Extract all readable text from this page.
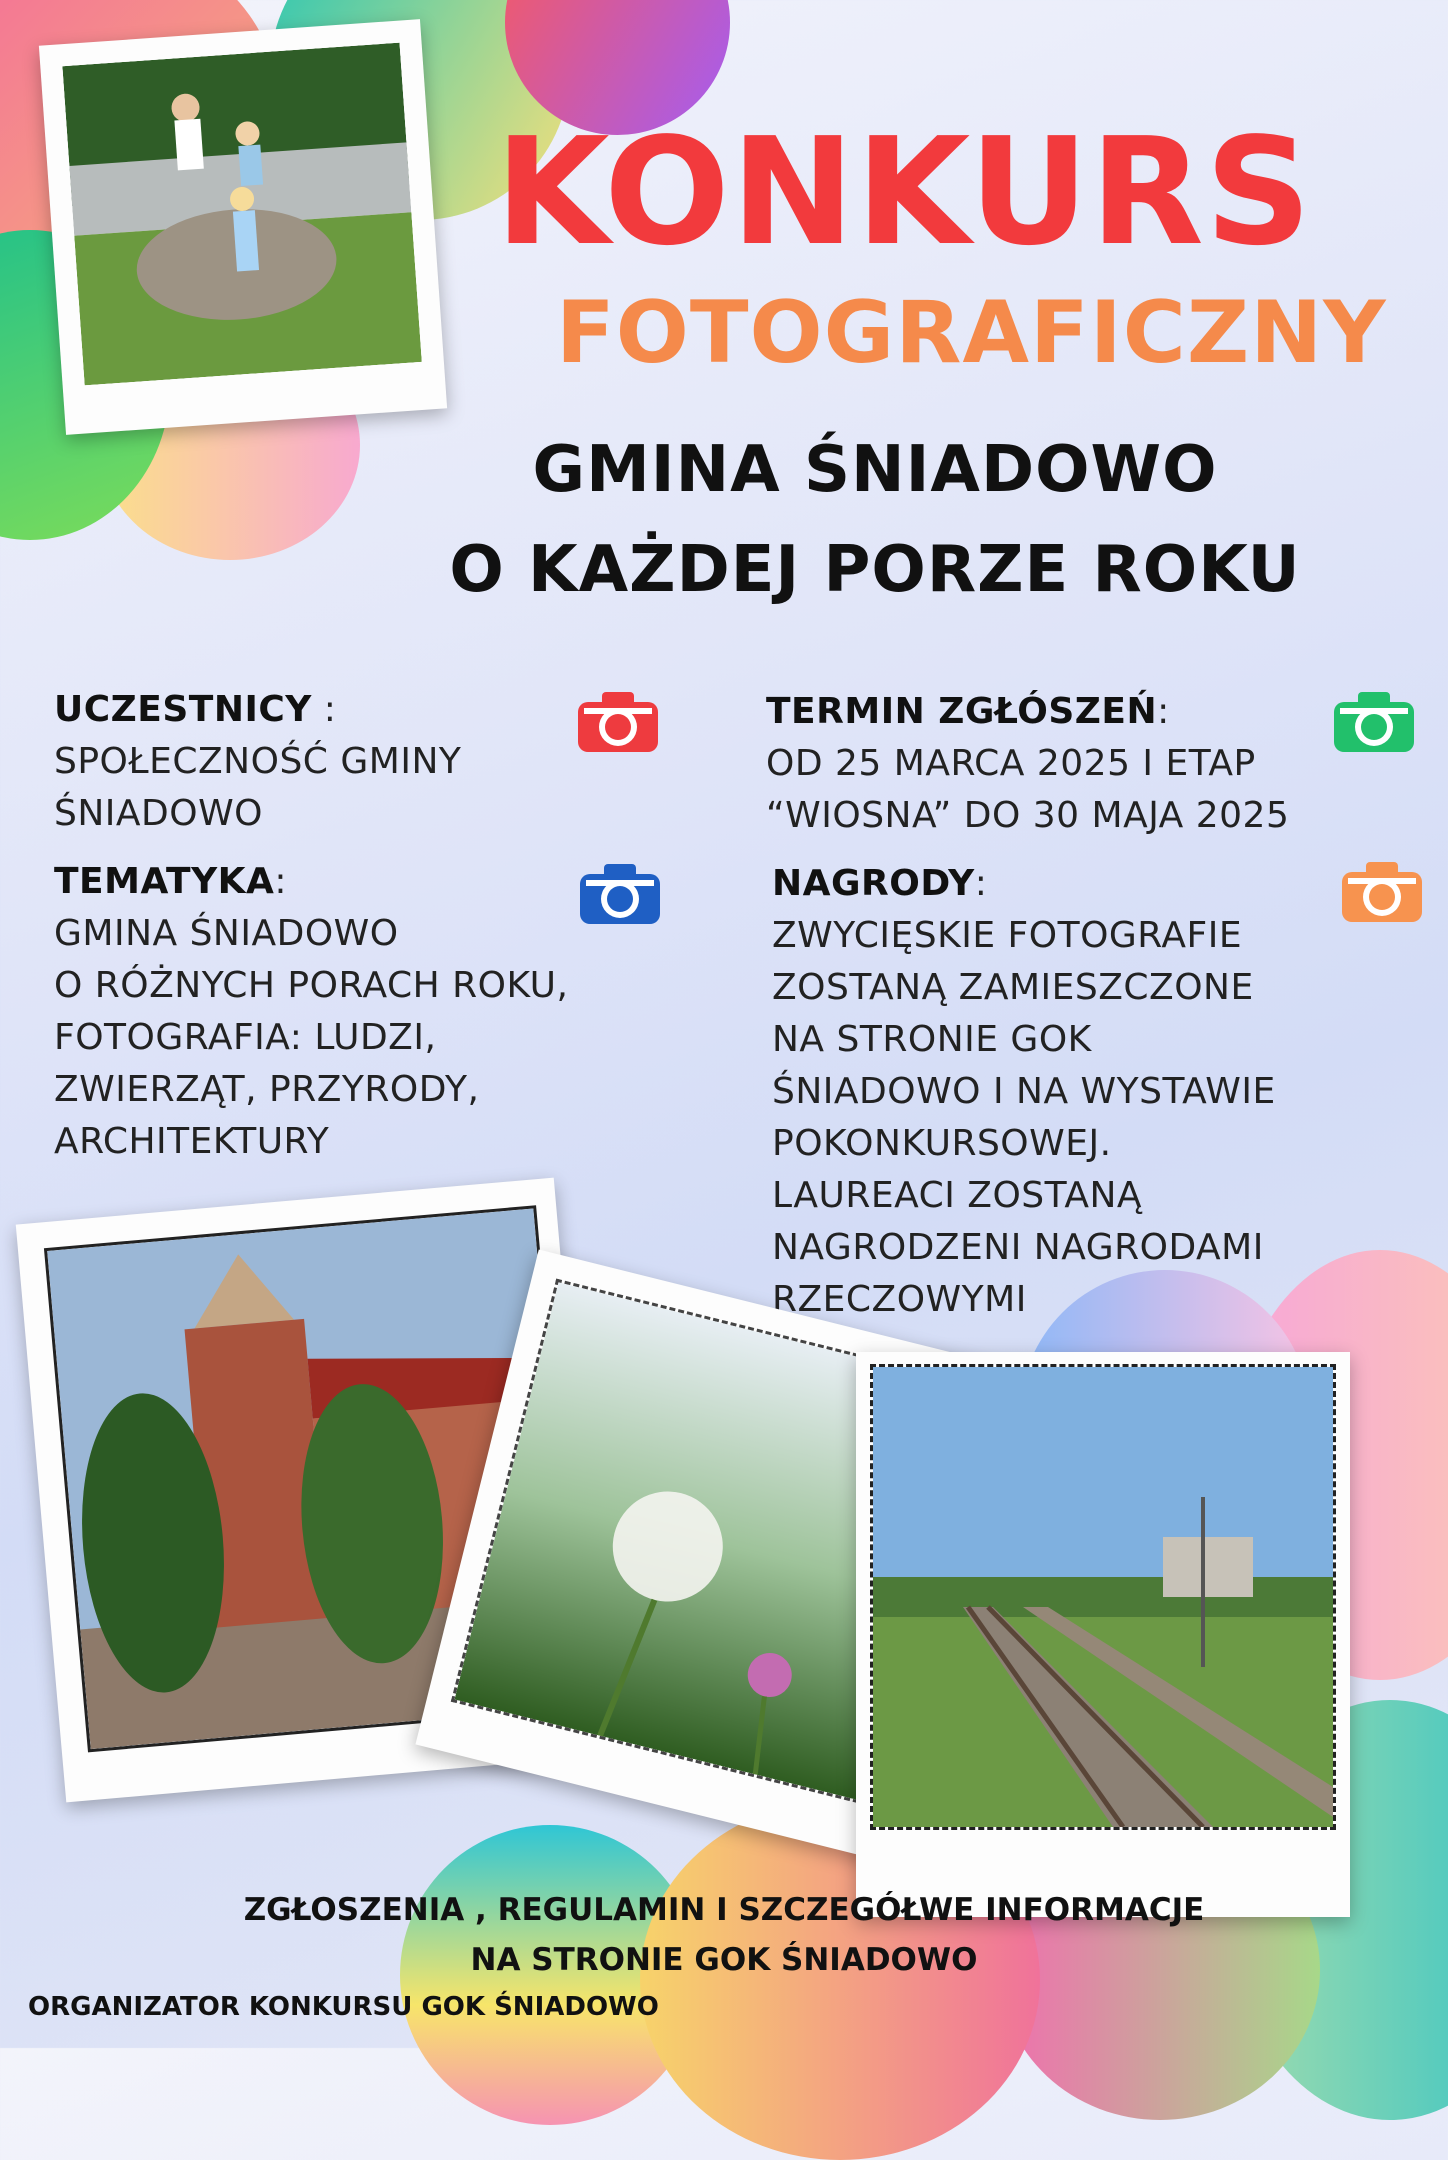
KONKURS
FOTOGRAFICZNY
GMINA ŚNIADOWO
O KAŻDEJ PORZE ROKU
UCZESTNICY :
SPOŁECZNOŚĆ GMINY
ŚNIADOWO
TERMIN ZGŁÓSZEŃ:
OD 25 MARCA 2025 I ETAP
“WIOSNA” DO 30 MAJA 2025
TEMATYKA:
GMINA ŚNIADOWO
O RÓŻNYCH PORACH ROKU,
FOTOGRAFIA: LUDZI,
ZWIERZĄT, PRZYRODY,
ARCHITEKTURY
NAGRODY:
ZWYCIĘSKIE FOTOGRAFIE
ZOSTANĄ ZAMIESZCZONE
NA STRONIE GOK
ŚNIADOWO I NA WYSTAWIE
POKONKURSOWEJ.
LAUREACI ZOSTANĄ
NAGRODZENI NAGRODAMI
RZECZOWYMI
ZGŁOSZENIA , REGULAMIN I SZCZEGÓŁWE INFORMACJE
NA STRONIE GOK ŚNIADOWO
ORGANIZATOR KONKURSU GOK ŚNIADOWO
